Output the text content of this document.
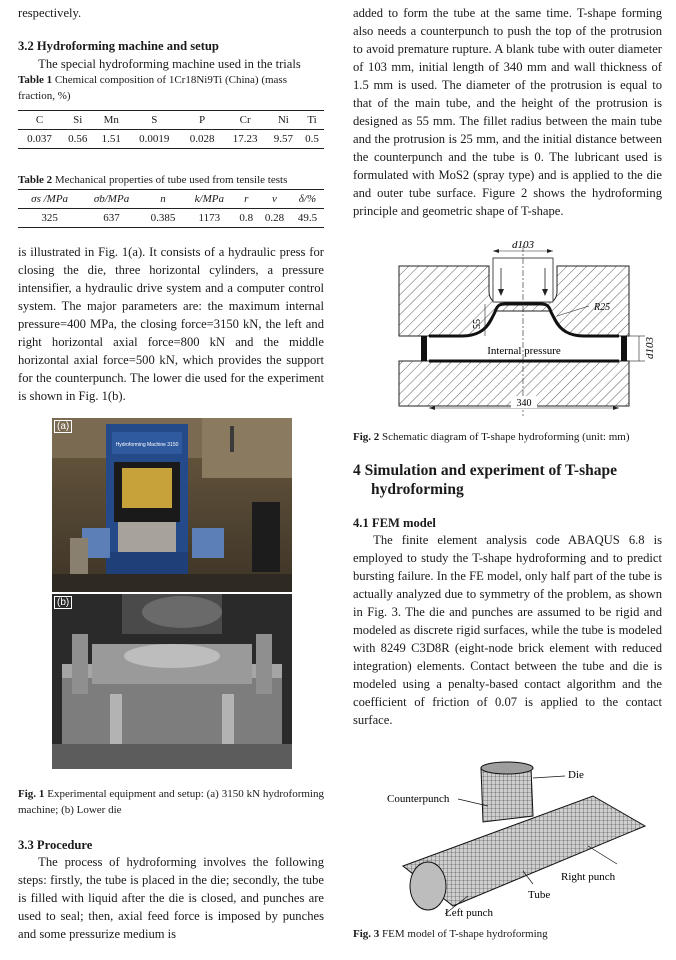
respectively.

3.2 Hydroforming machine and setup

The special hydroforming machine used in the trials

Table 1 Chemical composition of 1Cr18Ni9Ti (China) (mass fraction, %)

C	Si	Mn	S	P	Cr	Ni	Ti
0.037	0.56	1.51	0.0019	0.028	17.23	9.57	0.5

Table 2 Mechanical properties of tube used from tensile tests

σs /MPa	σb/MPa	n	k/MPa	r	ν	δ/%
325	637	0.385	1173	0.8	0.28	49.5

is illustrated in Fig. 1(a). It consists of a hydraulic press for closing the die, three horizontal cylinders, a pressure intensifier, a hydraulic drive system and a computer control system. The major parameters are: the maximum internal pressure=400 MPa, the closing force=3150 kN, the left and right horizontal axial force=800 kN and the middle horizontal axial force=500 kN, which provides the support for the counterpunch. The lower die used for the experiment is shown in Fig. 1(b).

Hydroforming Machine 3150
(a)
(b)

Fig. 1 Experimental equipment and setup: (a) 3150 kN hydroforming machine; (b) Lower die

3.3 Procedure

The process of hydroforming involves the following steps: firstly, the tube is placed in the die; secondly, the tube is filled with liquid after the die is closed, and punches are used to seal; then, axial feed force is imposed by punches and some pressurize medium is

added to form the tube at the same time. T-shape forming also needs a counterpunch to push the top of the protrusion to avoid premature rupture. A blank tube with outer diameter of 103 mm, initial length of 340 mm and wall thickness of 1.5 mm is used. The diameter of the protrusion is equal to that of the main tube, and the height of the protrusion is designed as 55 mm. The fillet radius between the main tube and the protrusion is 25 mm, and the initial distance between the counterpunch and the tube is 0. The lubricant used is formulated with MoS2 (spray type) and is applied to the die and outer tube surface. Figure 2 shows the hydroforming principle and geometric shape of T-shape.

d103
55
R25
d103
340
Internal pressure

Fig. 2 Schematic diagram of T-shape hydroforming (unit: mm)

4 Simulation and experiment of T-shape hydroforming
4.1 FEM model

The finite element analysis code ABAQUS 6.8 is employed to study the T-shape hydroforming and to predict bursting failure. In the FE model, only half part of the tube is actually analyzed due to symmetry of the problem, as shown in Fig. 3. The die and punches are assumed to be rigid and modeled as discrete rigid surfaces, while the tube is modeled with 8249 C3D8R (eight-node brick element with reduced integration) elements. Contact between the tube and die is modeled using a penalty-based contact algorithm and the coefficient of friction of 0.07 is applied to the contact surface.

Die
Counterpunch
Right punch
Tube
Left punch

Fig. 3 FEM model of T-shape hydroforming
